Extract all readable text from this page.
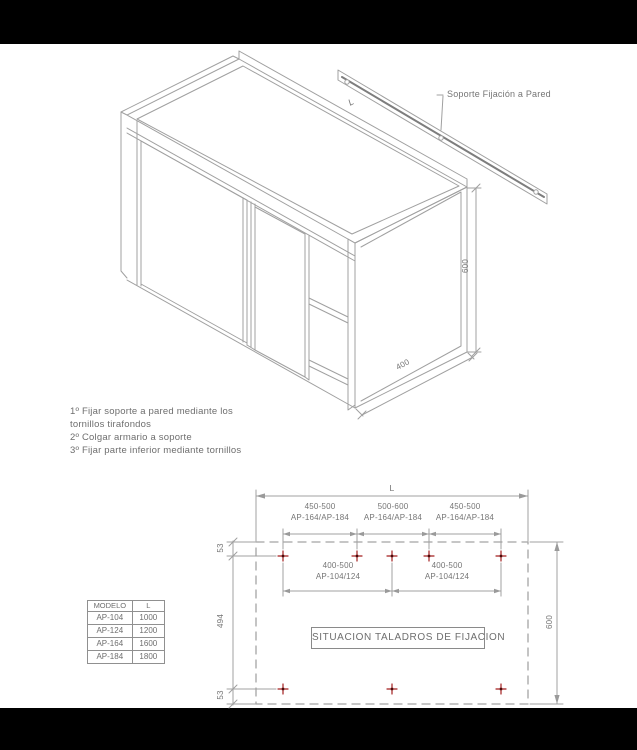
Soporte Fijación a Pared
L
600
400
1º Fijar soporte a pared mediante los
tornillos tirafondos
2º Colgar armario a soporte
3º Fijar parte inferior mediante tornillos
L
450-500
AP-164/AP-184
500-600
AP-164/AP-184
450-500
AP-164/AP-184
400-500
AP-104/124
400-500
AP-104/124
53
494
53
600
SITUACION TALADROS DE FIJACION
MODELO	L
AP-104	1000
AP-124	1200
AP-164	1600
AP-184	1800
